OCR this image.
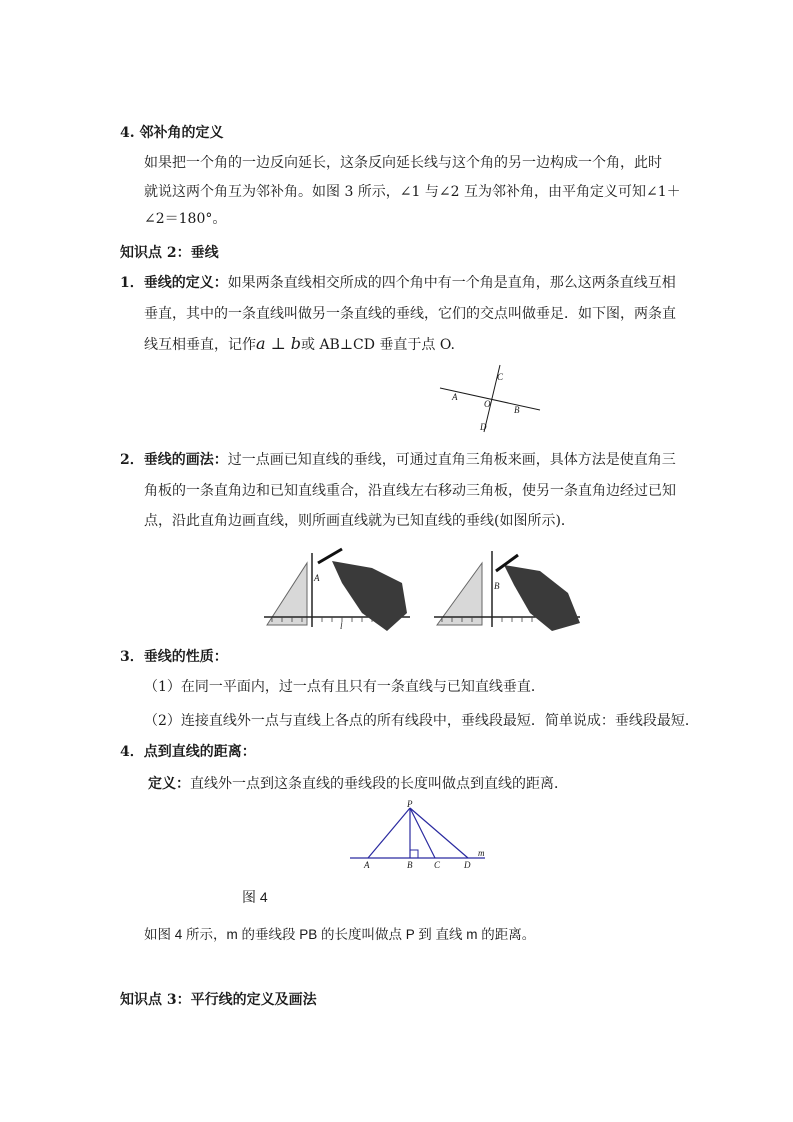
4. 邻补角的定义
如果把一个角的一边反向延长，这条反向延长线与这个角的另一边构成一个角，此时
就说这两个角互为邻补角。如图 3 所示，∠1 与∠2 互为邻补角，由平角定义可知∠1＋
∠2＝180°。
知识点 2：垂线
1．垂线的定义：如果两条直线相交所成的四个角中有一个角是直角，那么这两条直线互相
垂直，其中的一条直线叫做另一条直线的垂线，它们的交点叫做垂足．如下图，两条直
线互相垂直，记作a ⊥ b或 AB⊥CD 垂直于点 O.
C
A
O
B
D
2．垂线的画法：过一点画已知直线的垂线，可通过直角三角板来画，具体方法是使直角三
角板的一条直角边和已知直线重合，沿直线左右移动三角板，使另一条直角边经过已知
点，沿此直角边画直线，则所画直线就为已知直线的垂线(如图所示)．
A
l
B
3．垂线的性质：
（1）在同一平面内，过一点有且只有一条直线与已知直线垂直．
（2）连接直线外一点与直线上各点的所有线段中，垂线段最短．简单说成：垂线段最短．
4．点到直线的距离：
定义：直线外一点到这条直线的垂线段的长度叫做点到直线的距离．
P
A	B C	D
m
图 4
如图 4 所示，m 的垂线段 PB 的长度叫做点 P 到 直线 m 的距离。
知识点 3：平行线的定义及画法
